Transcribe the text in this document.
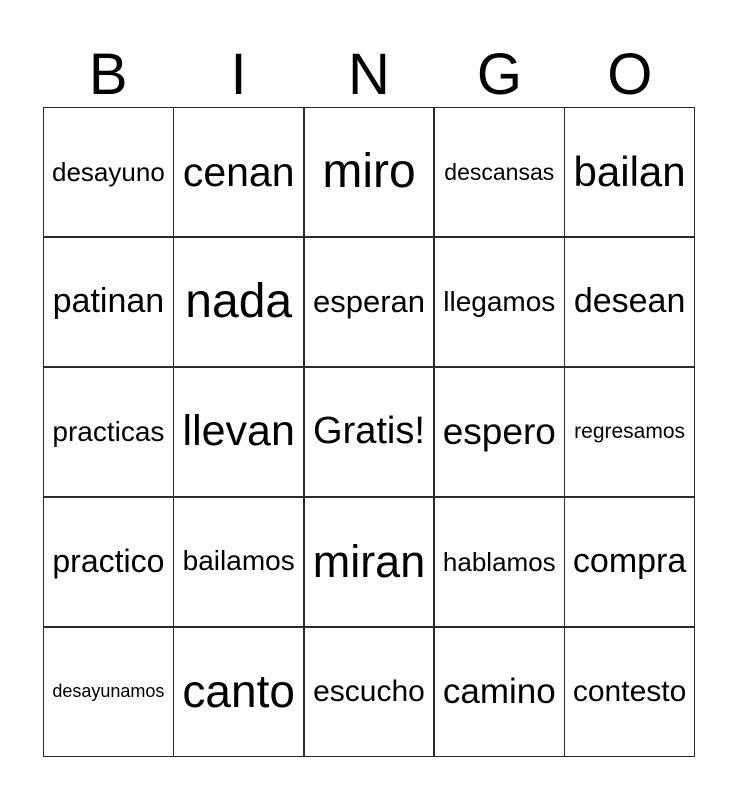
B I N G O
desayuno cenan miro descansas bailan
patinan nada esperan llegamos desean
practicas llevan Gratis! espero regresamos
practico bailamos miran hablamos compra
desayunamos canto escucho camino contesto
